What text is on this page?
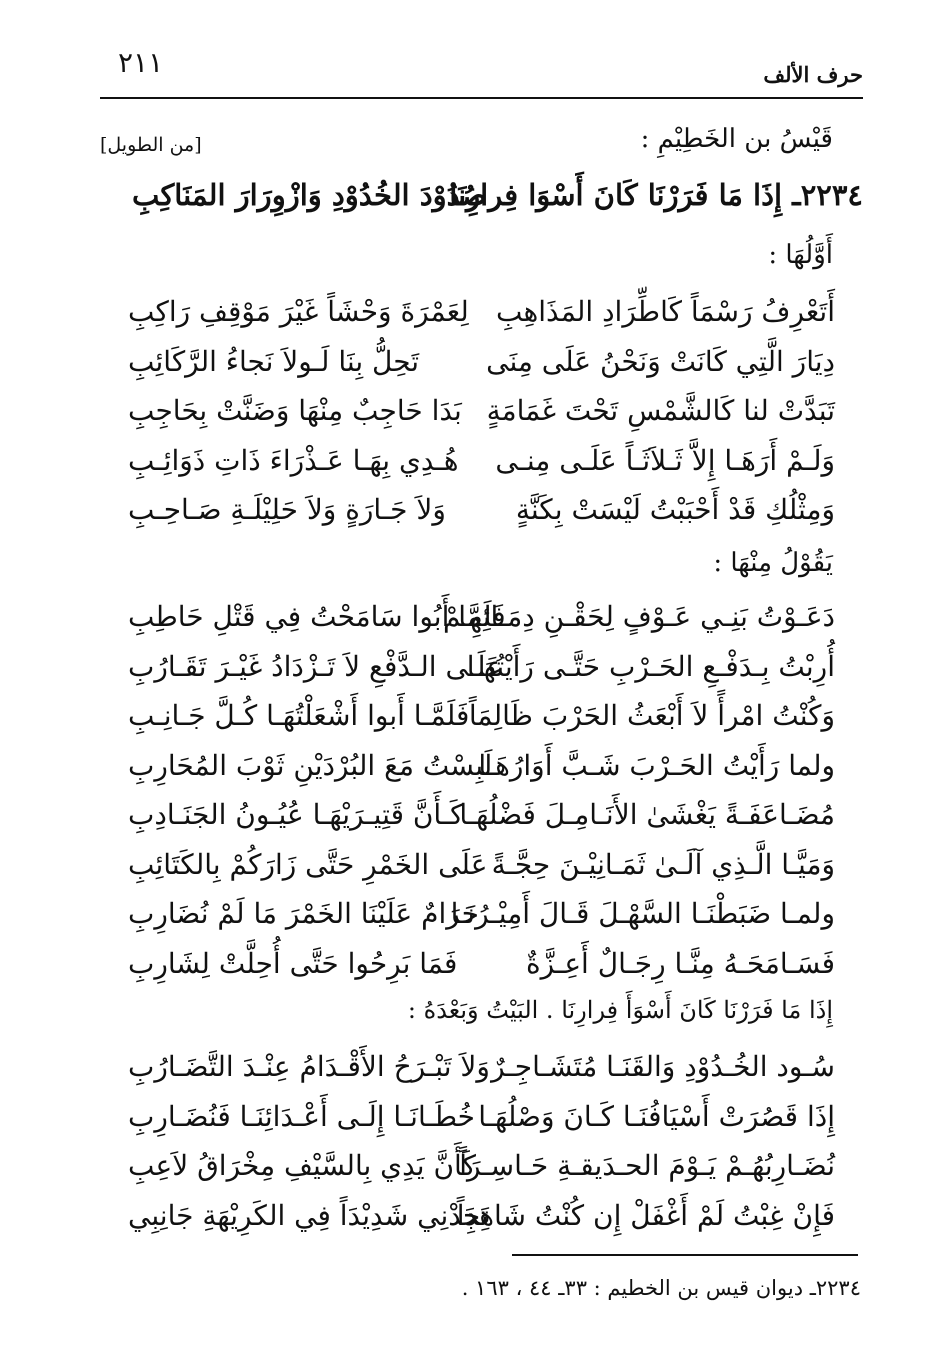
٢١١	حرف الألف
[من الطويل]	قَيْسُ بن الخَطِيْمِ :
٢٢٣٤ـ إِذَا مَا فَرَرْنَا كَانَ أَسْوَا فِرارِنَا
صُدُوْدَ الخُدُوْدِ وَازْوِرَارَ المَنَاكِبِ
أَوَّلُهَا :
أَتَعْرِفُ رَسْمَاً كَاطِّرَادِ المَذَاهِبِ
لِعَمْرَةَ وَحْشَاً غَيْرَ مَوْقِفِ رَاكِبِ
دِيَارَ الَّتِي كَانَتْ وَنَحْنُ عَلَى مِنَى
تَحِلُّ بِنَا لَـولاَ نَجاءُ الرَّكَائِبِ
تَبَدَّتْ لنا كَالشَّمْسِ تَحْتَ غَمَامَةٍ
بَدَا حَاجِبٌ مِنْهَا وَضَنَّتْ بِحَاجِبِ
وَلَـمْ أَرَهَـا إِلاَّ ثَـلاَثَـاً عَلَـى مِنـى
هُـدِي بِهَـا عَـذْرَاءَ ذَاتِ ذَوَائِـبِ
وَمِثْلُكِ قَدْ أَحْبَبْتُ لَيْسَتْ بِكَنَّةٍ
وَلاَ جَـارَةٍ وَلاَ حَلِيْلَـةِ صَـاحِـبِ
يَقُوْلُ مِنْهَا :
دَعَـوْتُ بَنِـي عَـوْفٍ لِحَقْـنِ دِمَـائِهِـمْ
فَلَمَّا أَبُوا سَامَحْتُ فِي قَتْلِ حَاطِبِ
أُرِبْتُ بِـدَفْـعِ الحَـرْبِ حَتَّـى رَأَيْتُهَـا
عَلَـى الـدَّفْعِ لاَ تَـزْدَادُ غَيْـرَ تَقَـارُبِ
وَكُنْتُ امْرأً لاَ أَبْعَثُ الحَرْبَ ظَالِمَاً
فَلَمَّـا أَبوا أَشْعَلْتُهَـا كُـلَّ جَـانِـبِ
ولما رَأَيْتُ الحَـرْبَ شَـبَّ أَوَارُهَـا
لَبِسْتُ مَعَ البُرْدَيْنِ ثَوْبَ المُحَارِبِ
مُضَـاعَفَـةً يَغْشَىٰ الأَنَـامِـلَ فَضْلُهَـا
كَـأَنَّ قَتِيـرَيْهَـا عُيُـونُ الجَنَـادِبِ
وَمَيَّـا الَّـذِي آلَـىٰ ثَمَـانِيْـنَ حِجَّـةً
عَلَى الخَمْرِ حَتَّى زَارَكُمْ بِالكَتَائِبِ
ولمـا ضَبَطْنَـا السَّهْـلَ قَـالَ أَمِيْـرُنَـا
حَرَامٌ عَلَيْنَا الخَمْرَ مَا لَمْ نُضَارِبِ
فَسَـامَحَـهُ مِنَّـا رِجَـالٌ أَعِـزَّةٌ
فَمَا بَرِحُوا حَتَّى أُحِلَّتْ لِشَارِبِ
إِذَا مَا فَرَرْنَا كَانَ أَسْوَأَ فِرارِنَا . البَيْتُ وَبَعْدَهُ :
سُـود الخُـدُوْدِ وَالقَنَـا مُتَشَـاجِـرٌ
وَلاَ تَبْـرَحُ الأَقْـدَامُ عِنْـدَ التَّضَـارُبِ
إِذَا قَصُرَتْ أَسْيَافُنَـا كَـانَ وَصْلُهَـا
خُطَـانَـا إِلَـى أَعْـدَائِنَـا فَنُضَـارِبِ
نُضَـارِبُهُـمْ يَـوْمَ الحـدَيقـةِ حَـاسِـرَاً
كَأَنَّ يَدِي بِالسَّيْفِ مِخْرَاقُ لاَعِبِ
فَإِنْ غِبْتُ لَمْ أَغْفَلْ إِن كُنْتُ شَاهِدَاً
تَجِدْنِي شَدِيْدَاً فِي الكَرِيْهَةِ جَانِبِي
٢٢٣٤ـ ديوان قيس بن الخطيم : ٣٣ـ ٤٤ ، ١٦٣ .
